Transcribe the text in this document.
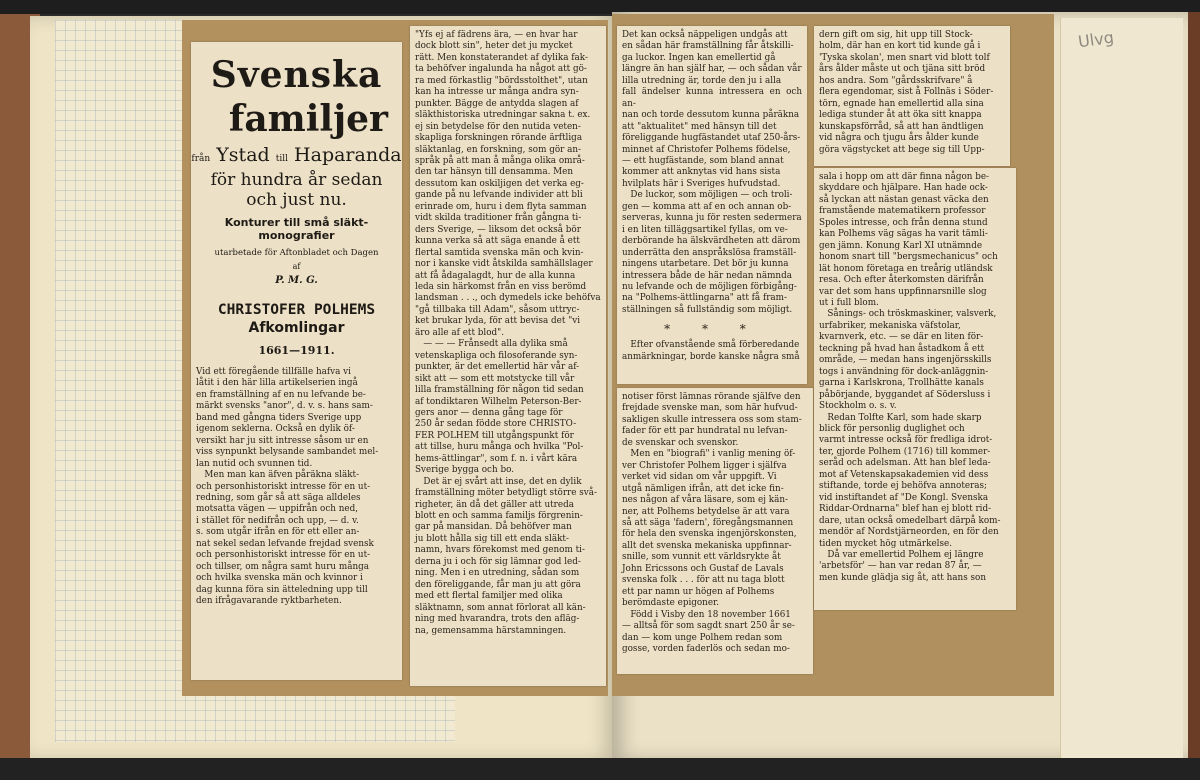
Ulvg
Svenska
familjer
från Ystad till Haparanda
för hundra år sedan
och just nu.
Konturer till små släkt-
monografier
utarbetade för Aftonbladet och Dagen
af
P. M. G.
CHRISTOFER POLHEMS
Afkomlingar
1661—1911.

Vid ett föregående tillfälle hafva vi
låtit i den här lilla artikelserien ingå
en framställning af en nu lefvande be-
märkt svensks "anor", d. v. s. hans sam-
band med gångna tiders Sverige upp
igenom seklerna. Också en dylik öf-
versikt har ju sitt intresse såsom ur en
viss synpunkt belysande sambandet mel-
lan nutid och svunnen tid.
Men man kan äfven påräkna släkt-
och personhistoriskt intresse för en ut-
redning, som går så att säga alldeles
motsatta vägen — uppifrån och ned,
i stället för nedifrån och upp, — d. v.
s. som utgår ifrån en för ett eller an-
nat sekel sedan lefvande frejdad svensk
och personhistoriskt intresse för en ut-
och tillser, om några samt huru många
och hvilka svenska män och kvinnor i
dag kunna föra sin ätteledning upp till
den ifrågavarande ryktbarheten.

"Yfs ej af fädrens ära, — en hvar har
dock blott sin", heter det ju mycket
rätt. Men konstaterandet af dylika fak-
ta behöfver ingalunda ha något att gö-
ra med förkastlig "bördsstolthet", utan
kan ha intresse ur många andra syn-
punkter. Bägge de antydda slagen af
släkthistoriska utredningar sakna t. ex.
ej sin betydelse för den nutida veten-
skapliga forskningen rörande ärftliga
släktanlag, en forskning, som gör an-
språk på att man å många olika områ-
den tar hänsyn till densamma. Men
dessutom kan oskiljigen det verka eg-
gande på nu lefvande individer att bli
erinrade om, huru i dem flyta samman
vidt skilda traditioner från gångna ti-
ders Sverige, — liksom det också bör
kunna verka så att säga enande å ett
flertal samtida svenska män och kvin-
nor i kanske vidt åtskilda samhällslager
att få ådagalagdt, hur de alla kunna
leda sin härkomst från en viss berömd
landsman . . ., och dymedels icke behöfva
"gå tillbaka till Adam", såsom uttryc-
ket brukar lyda, för att bevisa det "vi
äro alle af ett blod".
— — — Frånsedt alla dylika små
vetenskapliga och filosoferande syn-
punkter, är det emellertid här vår af-
sikt att — som ett motstycke till vår
lilla framställning för någon tid sedan
af tondiktaren Wilhelm Peterson-Ber-
gers anor — denna gång tage för
250 år sedan födde store CHRISTO-
FER POLHEM till utgångspunkt för
att tillse, huru många och hvilka "Pol-
hems-ättlingar", som f. n. i vårt kära
Sverige bygga och bo.
Det är ej svårt att inse, det en dylik
framställning möter betydligt större svå-
righeter, än då det gäller att utreda
blott en och samma familjs förgrenin-
gar på mansidan. Då behöfver man
ju blott hålla sig till ett enda släkt-
namn, hvars förekomst med genom ti-
derna ju i och för sig lämnar god led-
ning. Men i en utredning, sådan som
den föreliggande, får man ju att göra
med ett flertal familjer med olika
släktnamn, som annat förlorat all kän-
ning med hvarandra, trots den afläg-
na, gemensamma härstamningen.

Det kan också näppeligen undgås att
en sådan här framställning får åtskilli-
ga luckor. Ingen kan emellertid gå
längre än han själf har, — och sådan vår
lilla utredning är, torde den ju i alla
fall ändelser kunna intressera en och an-
nan och torde dessutom kunna påräkna
att "aktualitet" med hänsyn till det
föreliggande hugfästandet utaf 250-års-
minnet af Christofer Polhems födelse,
— ett hugfästande, som bland annat
kommer att anknytas vid hans sista
hvilplats här i Sveriges hufvudstad.
De luckor, som möjligen — och troli-
gen — komma att af en och annan ob-
serveras, kunna ju för resten sedermera
i en liten tilläggsartikel fyllas, om ve-
derbörande ha älskvärdheten att därom
underrätta den anspråkslösa framställ-
ningens utarbetare. Det bör ju kunna
intressera både de här nedan nämnda
nu lefvande och de möjligen förbigång-
na "Polhems-ättlingarna" att få fram-
ställningen så fullständig som möjligt.

* * *

Efter ofvanstående små förberedande
anmärkningar, borde kanske några små

notiser först lämnas rörande själfve den
frejdade svenske man, som här hufvud-
sakligen skulle intressera oss som stam-
fader för ett par hundratal nu lefvan-
de svenskar och svenskor.
Men en "biografi" i vanlig mening öf-
ver Christofer Polhem ligger i själfva
verket vid sidan om vår uppgift. Vi
utgå nämligen ifrån, att det icke fin-
nes någon af våra läsare, som ej kän-
ner, att Polhems betydelse är att vara
så att säga 'fadern', föregångsmannen
för hela den svenska ingenjörskonsten,
allt det svenska mekaniska uppfinnar-
snille, som vunnit ett världsrykte åt
John Ericssons och Gustaf de Lavals
svenska folk . . . för att nu taga blott
ett par namn ur högen af Polhems
berömdaste epigoner.
Född i Visby den 18 november 1661
— alltså för som sagdt snart 250 år se-
dan — kom unge Polhem redan som
gosse, vorden faderlös och sedan mo-

dern gift om sig, hit upp till Stock-
holm, där han en kort tid kunde gå i
'Tyska skolan', men snart vid blott tolf
års ålder måste ut och tjäna sitt bröd
hos andra. Som "gårdsskrifvare" å
flera egendomar, sist å Follnäs i Söder-
törn, egnade han emellertid alla sina
lediga stunder åt att öka sitt knappa
kunskapsförråd, så att han ändtligen
vid några och tjugu års ålder kunde
göra vägstycket att bege sig till Upp-

sala i hopp om att där finna någon be-
skyddare och hjälpare. Han hade ock-
så lyckan att nästan genast väcka den
framstående matematikern professor
Spoles intresse, och från denna stund
kan Polhems väg sägas ha varit tämli-
gen jämn. Konung Karl XI utnämnde
honom snart till "bergsmechanicus" och
lät honom företaga en treårig utländsk
resa. Och efter återkomsten därifrån
var det som hans uppfinnarsnille slog
ut i full blom.
Sånings- och tröskmaskiner, valsverk,
urfabriker, mekaniska väfstolar,
kvarnverk, etc. — se där en liten för-
teckning på hvad han åstadkom å ett
område, — medan hans ingenjörsskills
togs i användning för dock-anläggnin-
garna i Karlskrona, Trollhätte kanals
påbörjande, byggandet af Södersluss i
Stockholm o. s. v.
Redan Tolfte Karl, som hade skarp
blick för personlig duglighet och
varmt intresse också för fredliga idrot-
ter, gjorde Polhem (1716) till kommer-
seråd och adelsman. Att han blef leda-
mot af Vetenskapsakademien vid dess
stiftande, torde ej behöfva annoteras;
vid instiftandet af "De Kongl. Svenska
Riddar-Ordnarna" blef han ej blott rid-
dare, utan också omedelbart därpå kom-
mendör af Nordstjärneorden, en för den
tiden mycket hög utmärkelse.
Då var emellertid Polhem ej längre
'arbetsför' — han var redan 87 år, —
men kunde glädja sig åt, att hans son
